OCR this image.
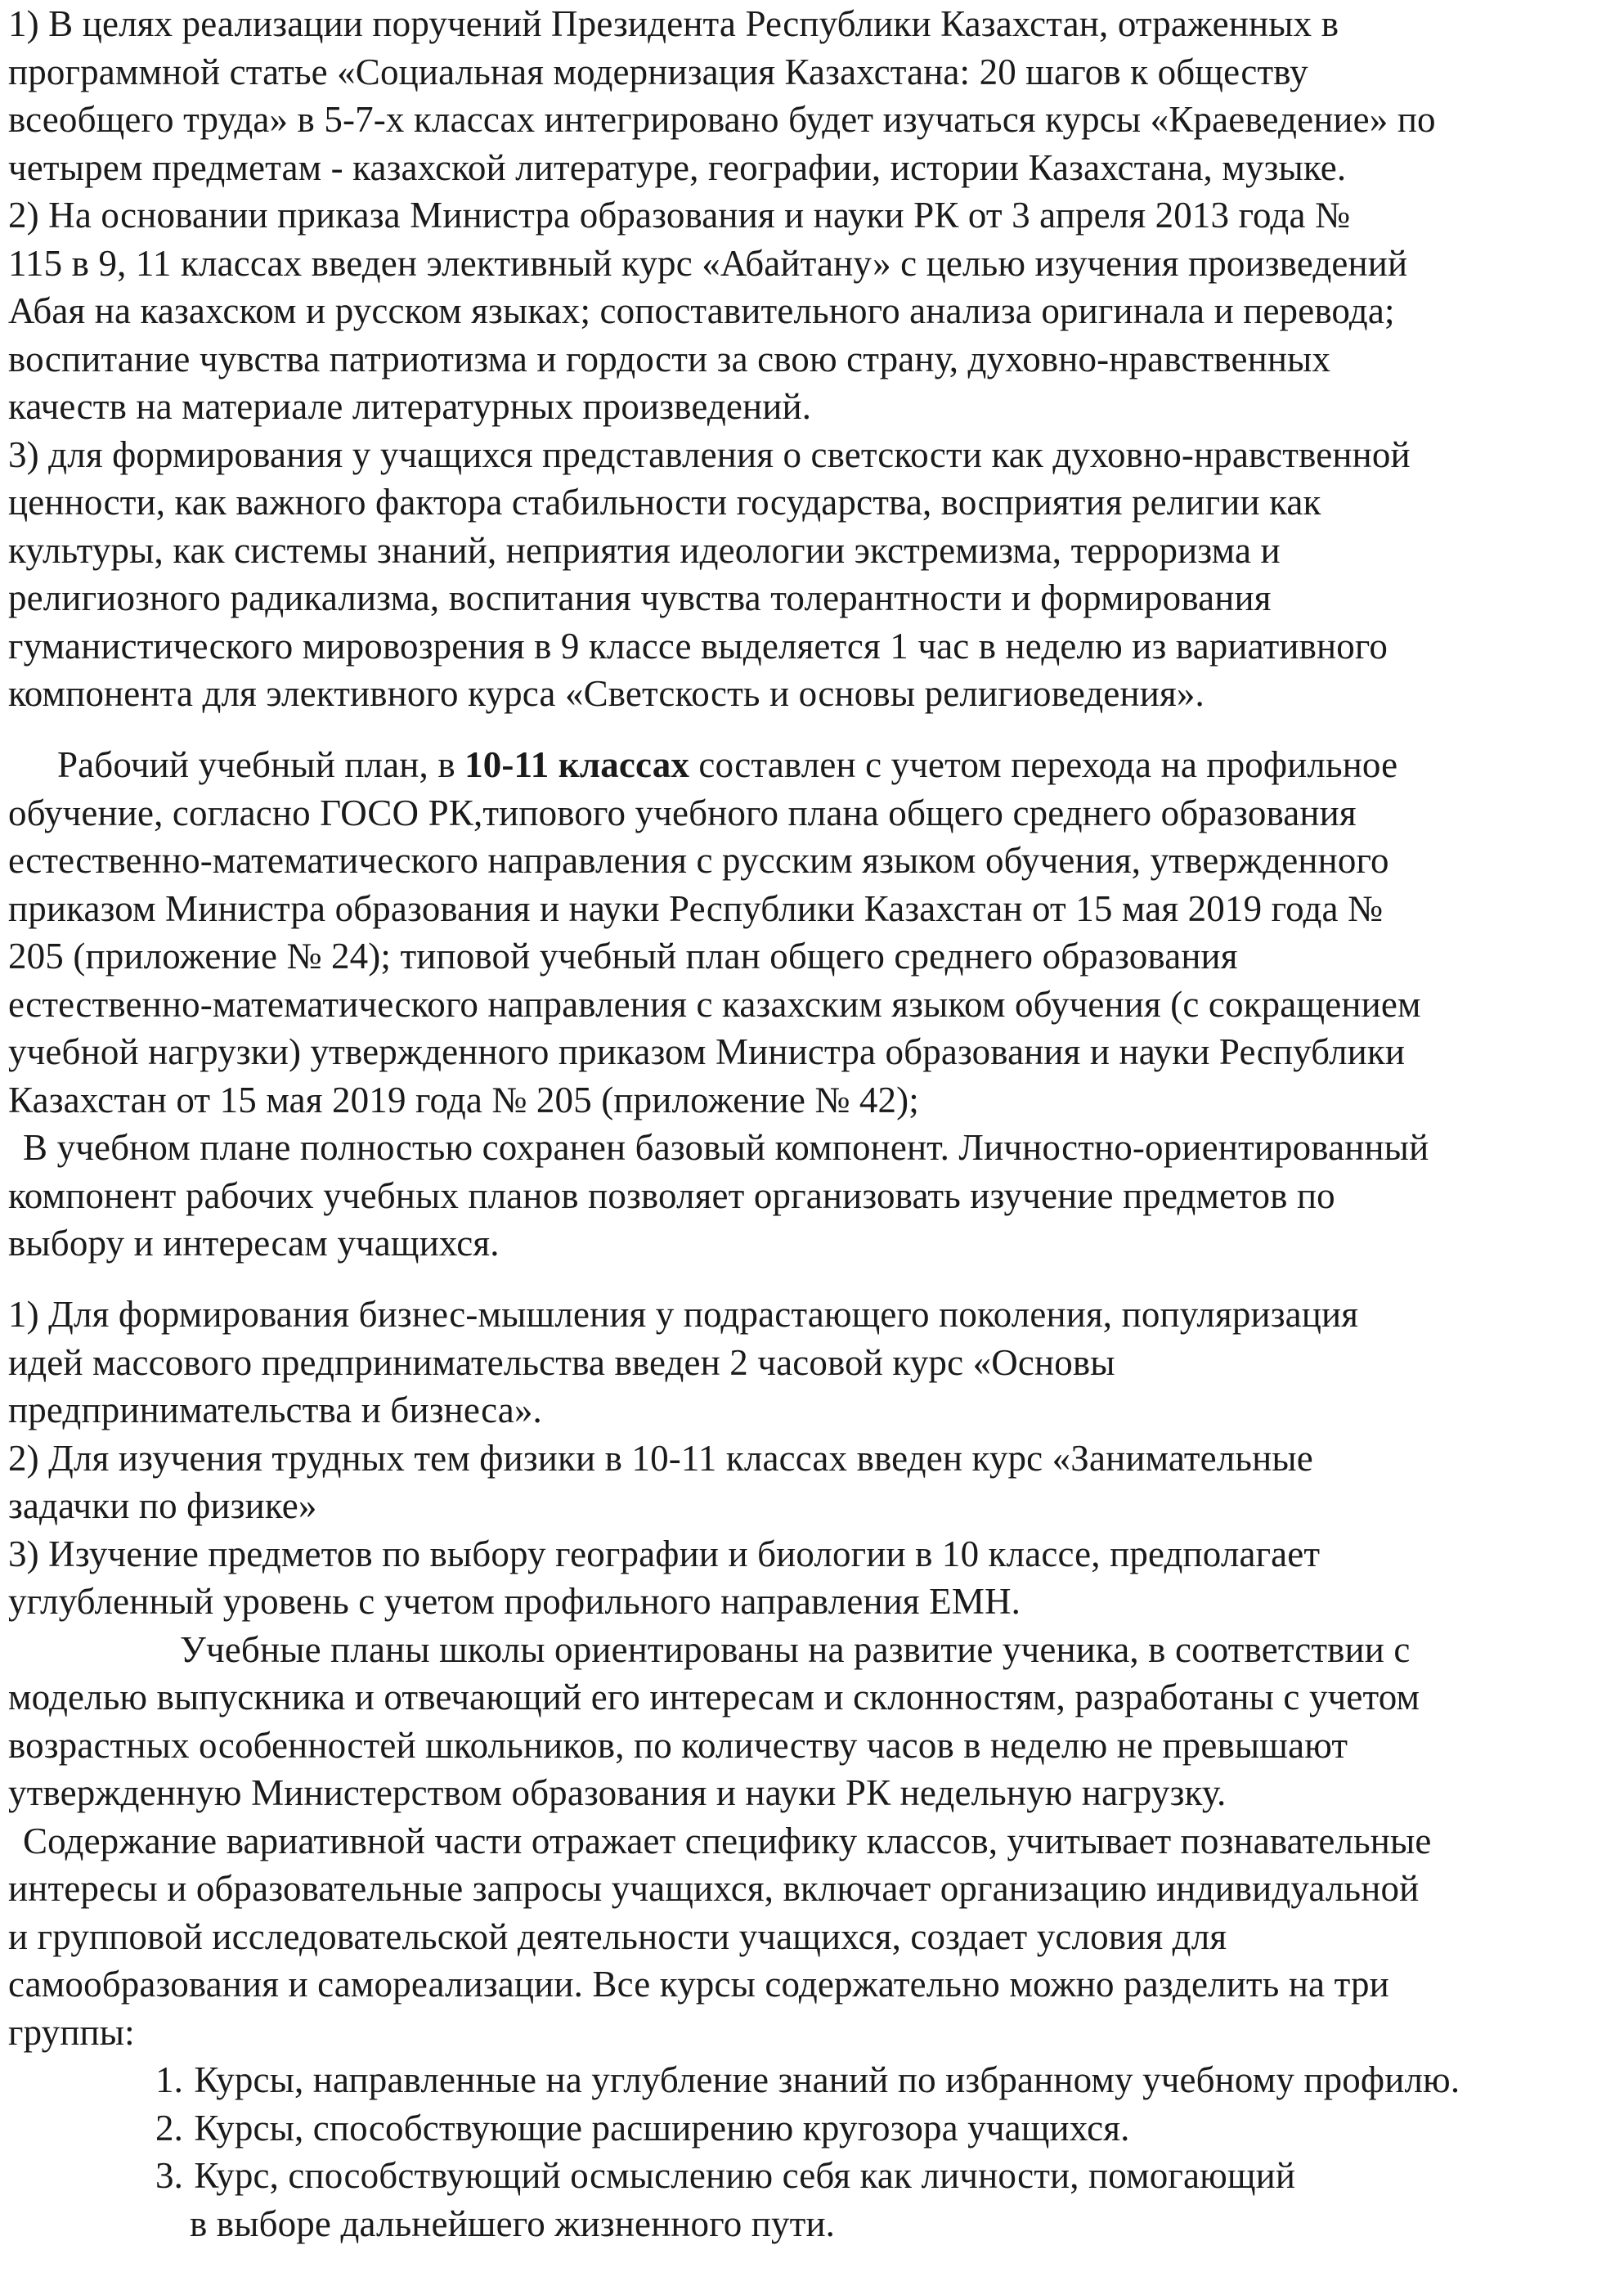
1) В целях реализации поручений Президента Республики Казахстан, отраженных в
программной статье «Социальная модернизация Казахстана: 20 шагов к обществу
всеобщего труда» в 5-7-х классах интегрировано будет изучаться курсы «Краеведение» по
четырем предметам - казахской литературе, географии, истории Казахстана, музыке.
2) На основании приказа Министра образования и науки РК от 3 апреля 2013 года №
115 в 9, 11 классах введен элективный курс «Абайтану» с целью изучения произведений
Абая на казахском и русском языках; сопоставительного анализа оригинала и перевода;
воспитание чувства патриотизма и гордости за свою страну, духовно-нравственных
качеств на материале литературных произведений.
3) для формирования у учащихся представления о светскости как духовно-нравственной
ценности, как важного фактора стабильности государства, восприятия религии как
культуры, как системы знаний, неприятия идеологии экстремизма, терроризма и
религиозного радикализма, воспитания чувства толерантности и формирования
гуманистического мировозрения в 9 классе выделяется 1 час в неделю из вариативного
компонента для элективного курса «Светскость и основы религиоведения».
Рабочий учебный план, в 10-11 классах составлен с учетом перехода на профильное
обучение, согласно ГОСО РК,типового учебного плана общего среднего образования
естественно-математического направления с русским языком обучения, утвержденного
приказом Министра образования и науки Республики Казахстан от 15 мая 2019 года №
205 (приложение № 24); типовой учебный план общего среднего образования
естественно-математического направления с казахским языком обучения (с сокращением
учебной нагрузки) утвержденного приказом Министра образования и науки Республики
Казахстан от 15 мая 2019 года № 205 (приложение № 42);
В учебном плане полностью сохранен базовый компонент. Личностно-ориентированный
компонент рабочих учебных планов позволяет организовать изучение предметов по
выбору и интересам учащихся.
1) Для формирования бизнес-мышления у подрастающего поколения, популяризация
идей массового предпринимательства введен 2 часовой курс «Основы
предпринимательства и бизнеса».
2) Для изучения трудных тем физики в 10-11 классах введен курс «Занимательные
задачки по физике»
3) Изучение предметов по выбору географии и биологии в 10 классе, предполагает
углубленный уровень с учетом профильного направления ЕМН.
Учебные планы школы ориентированы на развитие ученика, в соответствии с
моделью выпускника и отвечающий его интересам и склонностям, разработаны с учетом
возрастных особенностей школьников, по количеству часов в неделю не превышают
утвержденную Министерством образования и науки РК недельную нагрузку.
Содержание вариативной части отражает специфику классов, учитывает познавательные
интересы и образовательные запросы учащихся, включает организацию индивидуальной
и групповой исследовательской деятельности учащихся, создает условия для
самообразования и самореализации. Все курсы содержательно можно разделить на три
группы:
1. Курсы, направленные на углубление знаний по избранному учебному профилю.
2. Курсы, способствующие расширению кругозора учащихся.
3. Курс, способствующий осмыслению себя как личности, помогающий
в выборе дальнейшего жизненного пути.
